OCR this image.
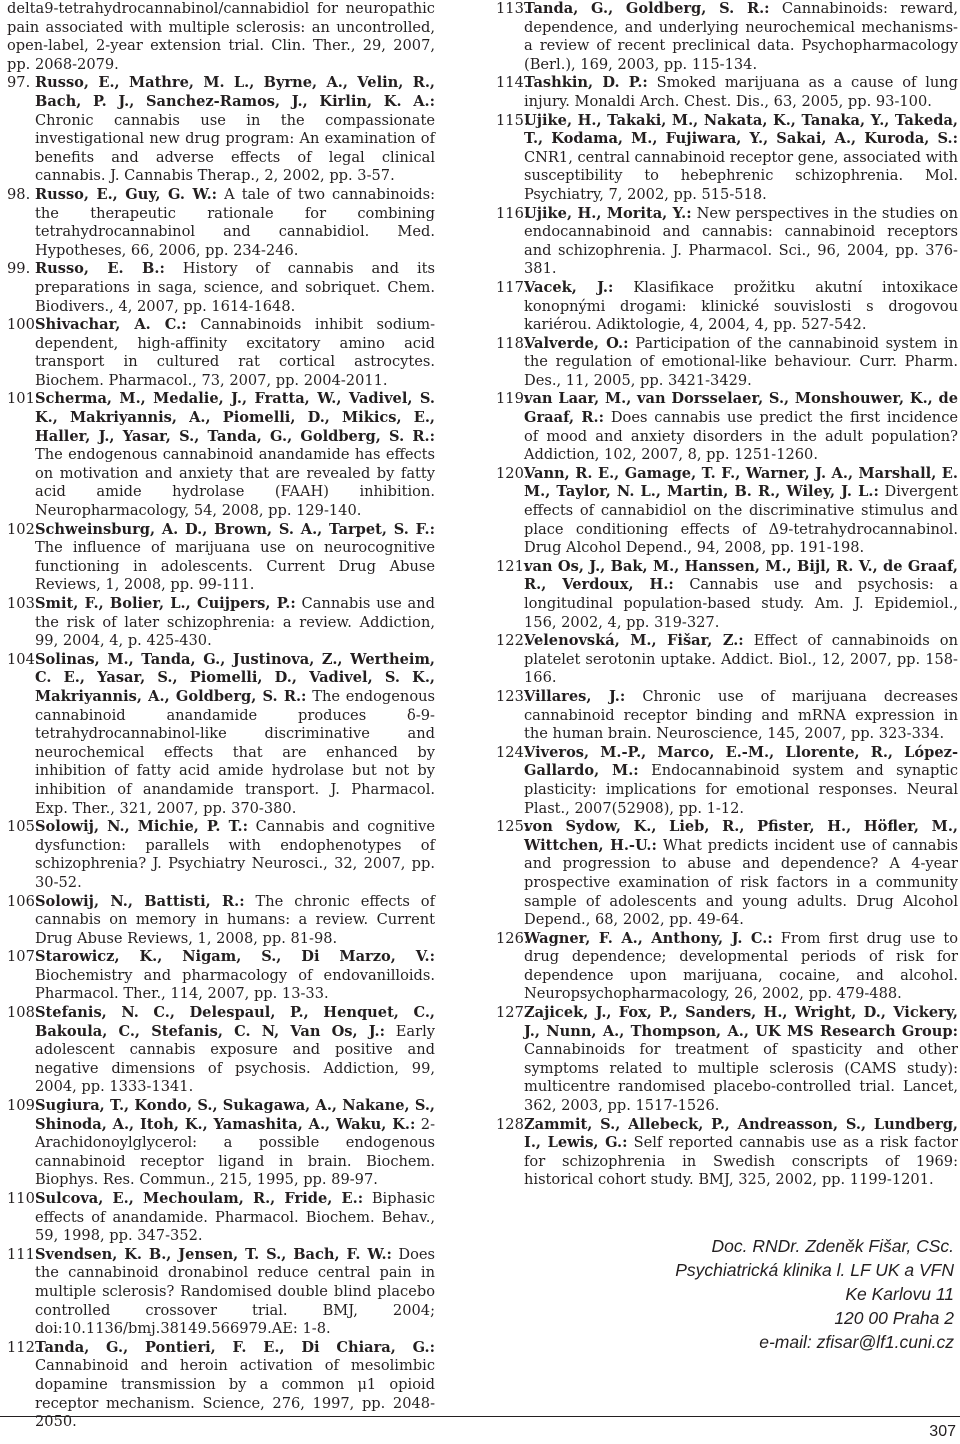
delta9-tetrahydrocannabinol/cannabidiol for neuropathic pain associated with multiple sclerosis: an uncontrolled, open-label, 2-year extension trial. Clin. Ther., 29, 2007, pp. 2068-2079.
97. Russo, E., Mathre, M. L., Byrne, A., Velin, R., Bach, P. J., Sanchez-Ramos, J., Kirlin, K. A.: Chronic cannabis use in the compassionate investigational new drug program: An examination of benefits and adverse effects of legal clinical cannabis. J. Cannabis Therap., 2, 2002, pp. 3-57.
98. Russo, E., Guy, G. W.: A tale of two cannabinoids: the therapeutic rationale for combining tetrahydrocannabinol and cannabidiol. Med. Hypotheses, 66, 2006, pp. 234-246.
99. Russo, E. B.: History of cannabis and its preparations in saga, science, and sobriquet. Chem. Biodivers., 4, 2007, pp. 1614-1648.
100.
Shivachar, A. C.: Cannabinoids inhibit sodium-dependent, high-affinity excitatory amino acid transport in cultured rat cortical astrocytes. Biochem. Pharmacol., 73, 2007, pp. 2004-2011.
101.
Scherma, M., Medalie, J., Fratta, W., Vadivel, S. K., Makriyannis, A., Piomelli, D., Mikics, E., Haller, J., Yasar, S., Tanda, G., Goldberg, S. R.: The endogenous cannabinoid anandamide has effects on motivation and anxiety that are revealed by fatty acid amide hydrolase (FAAH) inhibition. Neuropharmacology, 54, 2008, pp. 129-140.
102.
Schweinsburg, A. D., Brown, S. A., Tarpet, S. F.: The influence of marijuana use on neurocognitive functioning in adolescents. Current Drug Abuse Reviews, 1, 2008, pp. 99-111.
103.
Smit, F., Bolier, L., Cuijpers, P.: Cannabis use and the risk of later schizophrenia: a review. Addiction, 99, 2004, 4, p. 425-430.
104.
Solinas, M., Tanda, G., Justinova, Z., Wertheim, C. E., Yasar, S., Piomelli, D., Vadivel, S. K., Makriyannis, A., Goldberg, S. R.: The endogenous cannabinoid anandamide produces δ-9-tetrahydrocannabinol-like discriminative and neurochemical effects that are enhanced by inhibition of fatty acid amide hydrolase but not by inhibition of anandamide transport. J. Pharmacol. Exp. Ther., 321, 2007, pp. 370-380.
105.
Solowij, N., Michie, P. T.: Cannabis and cognitive dysfunction: parallels with endophenotypes of schizophrenia? J. Psychiatry Neurosci., 32, 2007, pp. 30-52.
106.
Solowij, N., Battisti, R.: The chronic effects of cannabis on memory in humans: a review. Current Drug Abuse Reviews, 1, 2008, pp. 81-98.
107.
Starowicz, K., Nigam, S., Di Marzo, V.: Biochemistry and pharmacology of endovanilloids. Pharmacol. Ther., 114, 2007, pp. 13-33.
108.
Stefanis, N. C., Delespaul, P., Henquet, C., Bakoula, C., Stefanis, C. N, Van Os, J.: Early adolescent cannabis exposure and positive and negative dimensions of psychosis. Addiction, 99, 2004, pp. 1333-1341.
109.
Sugiura, T., Kondo, S., Sukagawa, A., Nakane, S., Shinoda, A., Itoh, K., Yamashita, A., Waku, K.: 2-Arachidonoylglycerol: a possible endogenous cannabinoid receptor ligand in brain. Biochem. Biophys. Res. Commun., 215, 1995, pp. 89-97.
110.
Sulcova, E., Mechoulam, R., Fride, E.: Biphasic effects of anandamide. Pharmacol. Biochem. Behav., 59, 1998, pp. 347-352.
111.
Svendsen, K. B., Jensen, T. S., Bach, F. W.: Does the cannabinoid dronabinol reduce central pain in multiple sclerosis? Randomised double blind placebo controlled crossover trial. BMJ, 2004; doi:10.1136/bmj.38149.566979.AE: 1-8.
112.
Tanda, G., Pontieri, F. E., Di Chiara, G.: Cannabinoid and heroin activation of mesolimbic dopamine transmission by a common μ1 opioid receptor mechanism. Science, 276, 1997, pp. 2048-2050.
113.
Tanda, G., Goldberg, S. R.: Cannabinoids: reward, dependence, and underlying neurochemical mechanisms-a review of recent preclinical data. Psychopharmacology (Berl.), 169, 2003, pp. 115-134.
114.
Tashkin, D. P.: Smoked marijuana as a cause of lung injury. Monaldi Arch. Chest. Dis., 63, 2005, pp. 93-100.
115.
Ujike, H., Takaki, M., Nakata, K., Tanaka, Y., Takeda, T., Kodama, M., Fujiwara, Y., Sakai, A., Kuroda, S.: CNR1, central cannabinoid receptor gene, associated with susceptibility to hebephrenic schizophrenia. Mol. Psychiatry, 7, 2002, pp. 515-518.
116.
Ujike, H., Morita, Y.: New perspectives in the studies on endocannabinoid and cannabis: cannabinoid receptors and schizophrenia. J. Pharmacol. Sci., 96, 2004, pp. 376-381.
117.
Vacek, J.: Klasifikace prožitku akutní intoxikace konopnými drogami: klinické souvislosti s drogovou kariérou. Adiktologie, 4, 2004, 4, pp. 527-542.
118.
Valverde, O.: Participation of the cannabinoid system in the regulation of emotional-like behaviour. Curr. Pharm. Des., 11, 2005, pp. 3421-3429.
119.
van Laar, M., van Dorsselaer, S., Monshouwer, K., de Graaf, R.: Does cannabis use predict the first incidence of mood and anxiety disorders in the adult population? Addiction, 102, 2007, 8, pp. 1251-1260.
120.
Vann, R. E., Gamage, T. F., Warner, J. A., Marshall, E. M., Taylor, N. L., Martin, B. R., Wiley, J. L.: Divergent effects of cannabidiol on the discriminative stimulus and place conditioning effects of Δ9-tetrahydrocannabinol. Drug Alcohol Depend., 94, 2008, pp. 191-198.
121.
van Os, J., Bak, M., Hanssen, M., Bijl, R. V., de Graaf, R., Verdoux, H.: Cannabis use and psychosis: a longitudinal population-based study. Am. J. Epidemiol., 156, 2002, 4, pp. 319-327.
122.
Velenovská, M., Fišar, Z.: Effect of cannabinoids on platelet serotonin uptake. Addict. Biol., 12, 2007, pp. 158-166.
123.
Villares, J.: Chronic use of marijuana decreases cannabinoid receptor binding and mRNA expression in the human brain. Neuroscience, 145, 2007, pp. 323-334.
124.
Viveros, M.-P., Marco, E.-M., Llorente, R., López-Gallardo, M.: Endocannabinoid system and synaptic plasticity: implications for emotional responses. Neural Plast., 2007(52908), pp. 1-12.
125.
von Sydow, K., Lieb, R., Pfister, H., Höfler, M., Wittchen, H.-U.: What predicts incident use of cannabis and progression to abuse and dependence? A 4-year prospective examination of risk factors in a community sample of adolescents and young adults. Drug Alcohol Depend., 68, 2002, pp. 49-64.
126.
Wagner, F. A., Anthony, J. C.: From first drug use to drug dependence; developmental periods of risk for dependence upon marijuana, cocaine, and alcohol. Neuropsychopharmacology, 26, 2002, pp. 479-488.
127.
Zajicek, J., Fox, P., Sanders, H., Wright, D., Vickery, J., Nunn, A., Thompson, A., UK MS Research Group: Cannabinoids for treatment of spasticity and other symptoms related to multiple sclerosis (CAMS study): multicentre randomised placebo-controlled trial. Lancet, 362, 2003, pp. 1517-1526.
128.
Zammit, S., Allebeck, P., Andreasson, S., Lundberg, I., Lewis, G.: Self reported cannabis use as a risk factor for schizophrenia in Swedish conscripts of 1969: historical cohort study. BMJ, 325, 2002, pp. 1199-1201.
Doc. RNDr. Zdeněk Fišar, CSc.
Psychiatrická klinika l. LF UK a VFN
Ke Karlovu 11
120 00 Praha 2
e-mail: zfisar@lf1.cuni.cz
307
